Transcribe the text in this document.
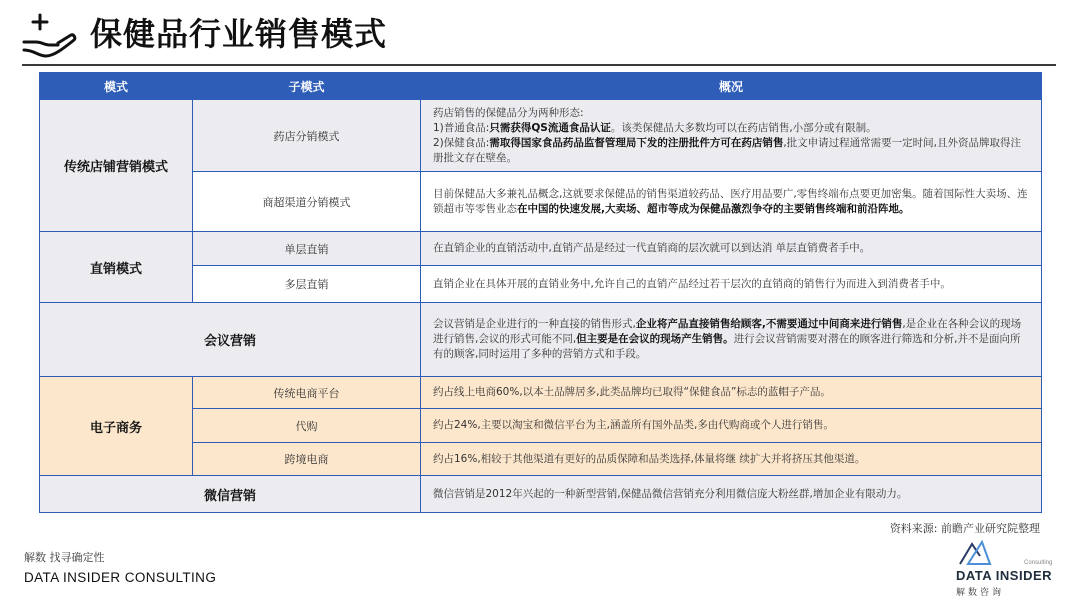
保健品行业销售模式
模式	子模式	概况
传统店铺营销模式	药店分销模式	药店销售的保健品分为两种形态:
1)普通食品:只需获得QS流通食品认证。该类保健品大多数均可以在药店销售,小部分或有限制。
2)保健食品:需取得国家食品药品监督管理局下发的注册批件方可在药店销售,批文申请过程通常需要一定时间,且外资品牌取得注册批文存在壁垒。

	商超渠道分销模式	目前保健品大多兼礼品概念,这就要求保健品的销售渠道较药品、医疗用品要广,零售终端布点要更加密集。随着国际性大卖场、连锁超市等零售业态在中国的快速发展,大卖场、超市等成为保健品激烈争夺的主要销售终端和前沿阵地。
直销模式	单层直销	在直销企业的直销活动中,直销产品是经过一代直销商的层次就可以到达消 单层直销费者手中。
	多层直销	直销企业在具体开展的直销业务中,允许自己的直销产品经过若干层次的直销商的销售行为而进入到消费者手中。
会议营销		会议营销是企业进行的一种直接的销售形式,企业将产品直接销售给顾客,不需要通过中间商来进行销售,是企业在各种会议的现场进行销售,会议的形式可能不同,但主要是在会议的现场产生销售。进行会议营销需要对潜在的顾客进行筛选和分析,并不是面向所有的顾客,同时运用了多种的营销方式和手段。
电子商务	传统电商平台	约占线上电商60%,以本土品牌居多,此类品牌均已取得“保健食品”标志的蓝帽子产品。
	代购	约占24%,主要以淘宝和微信平台为主,涵盖所有国外品类,多由代购商或个人进行销售。
	跨境电商	约占16%,相较于其他渠道有更好的品质保障和品类选择,体量将继 续扩大并将挤压其他渠道。
微信营销		微信营销是2012年兴起的一种新型营销,保健品微信营销充分利用微信庞大粉丝群,增加企业有限动力。
资料来源: 前瞻产业研究院整理
解数 找寻确定性
DATA INSIDER CONSULTING
Consulting
DATA INSIDER
解数咨询
